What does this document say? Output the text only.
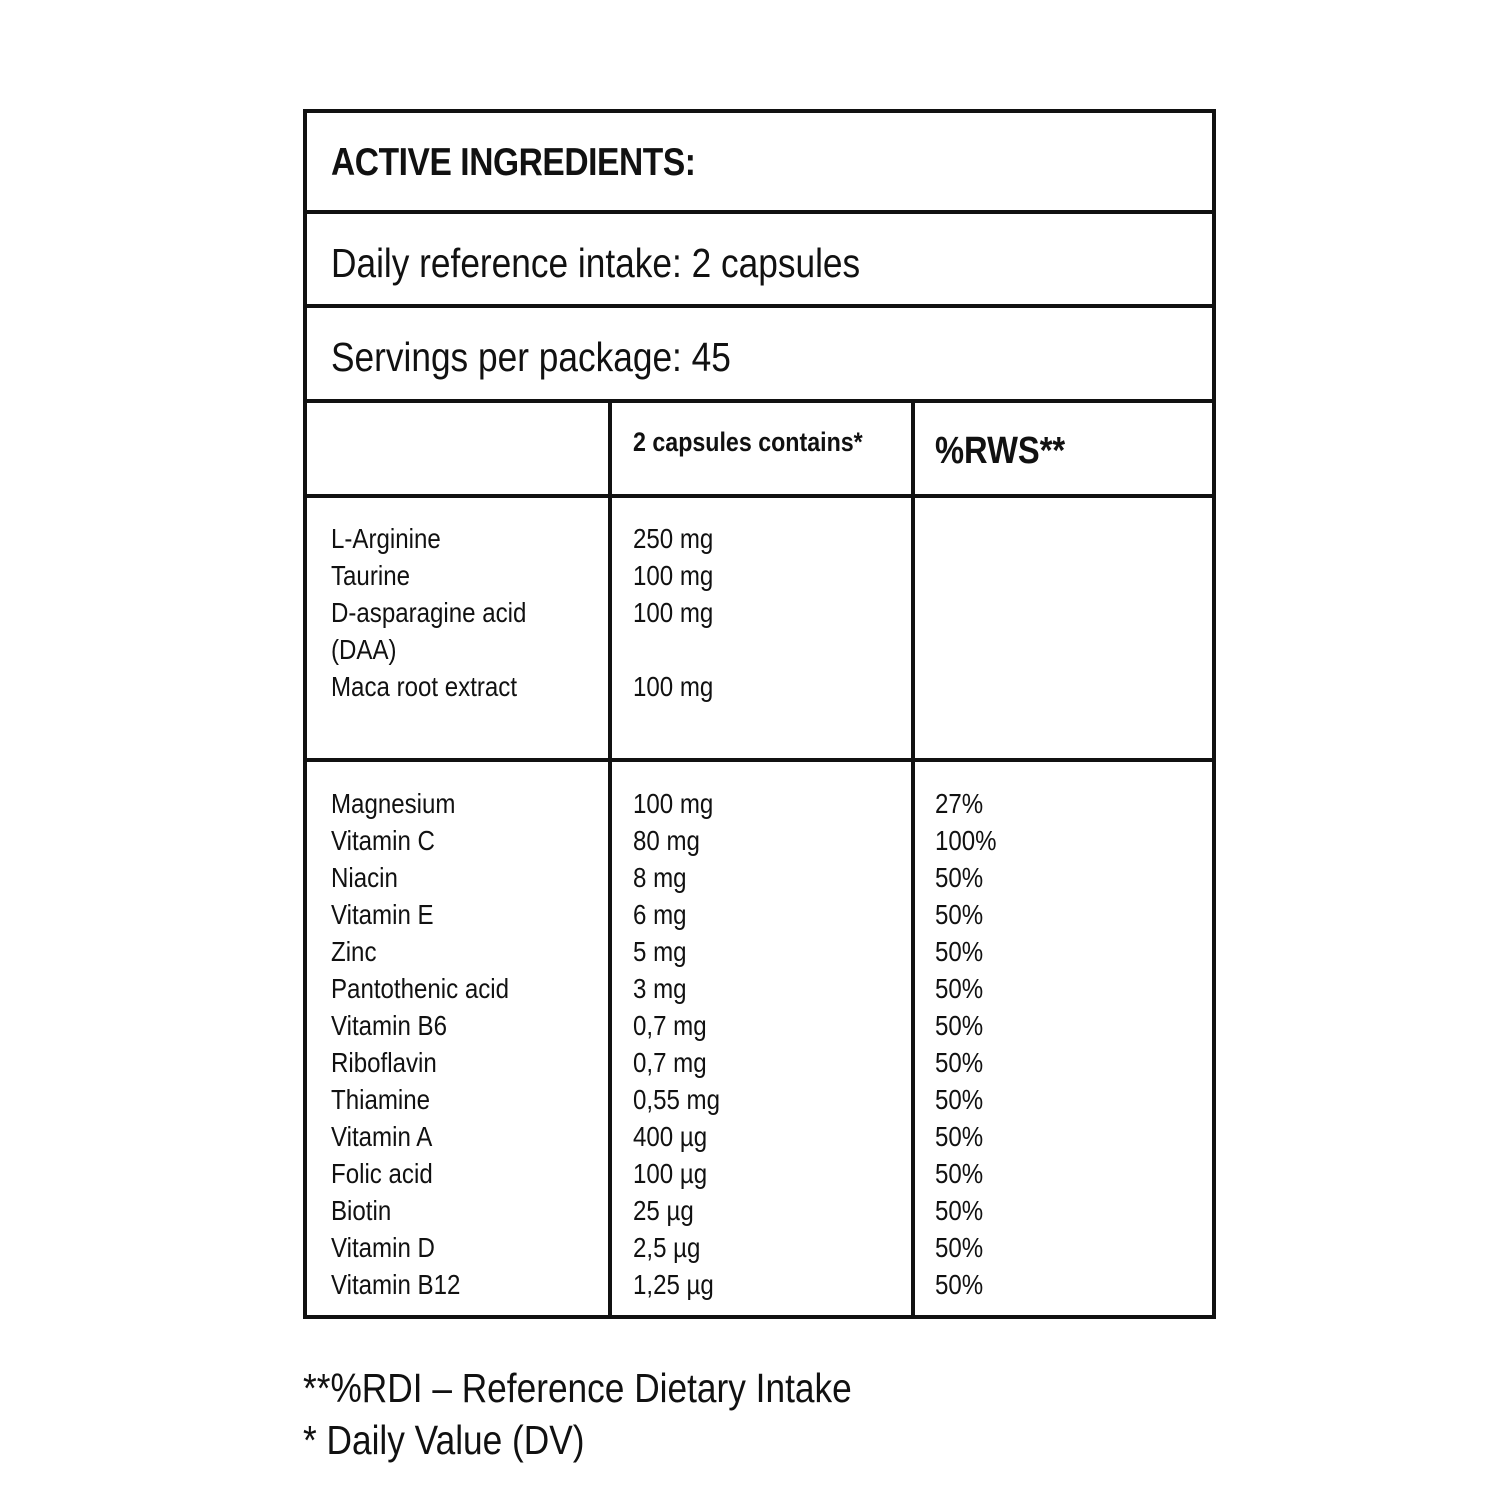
ACTIVE INGREDIENTS:
Daily reference intake: 2 capsules
Servings per package: 45
2 capsules contains* %RWS**
L-Arginine
Taurine
D-asparagine acid
(DAA)
Maca root extract
250 mg
100 mg
100 mg
100 mg
Magnesium
Vitamin C
Niacin
Vitamin E
Zinc
Pantothenic acid
Vitamin B6
Riboflavin
Thiamine
Vitamin A
Folic acid
Biotin
Vitamin D
Vitamin B12
100 mg
80 mg
8 mg
6 mg
5 mg
3 mg
0,7 mg
0,7 mg
0,55 mg
400 µg
100 µg
25 µg
2,5 µg
1,25 µg
27%
100%
50%
50%
50%
50%
50%
50%
50%
50%
50%
50%
50%
50%
**%RDI – Reference Dietary Intake
* Daily Value (DV)
